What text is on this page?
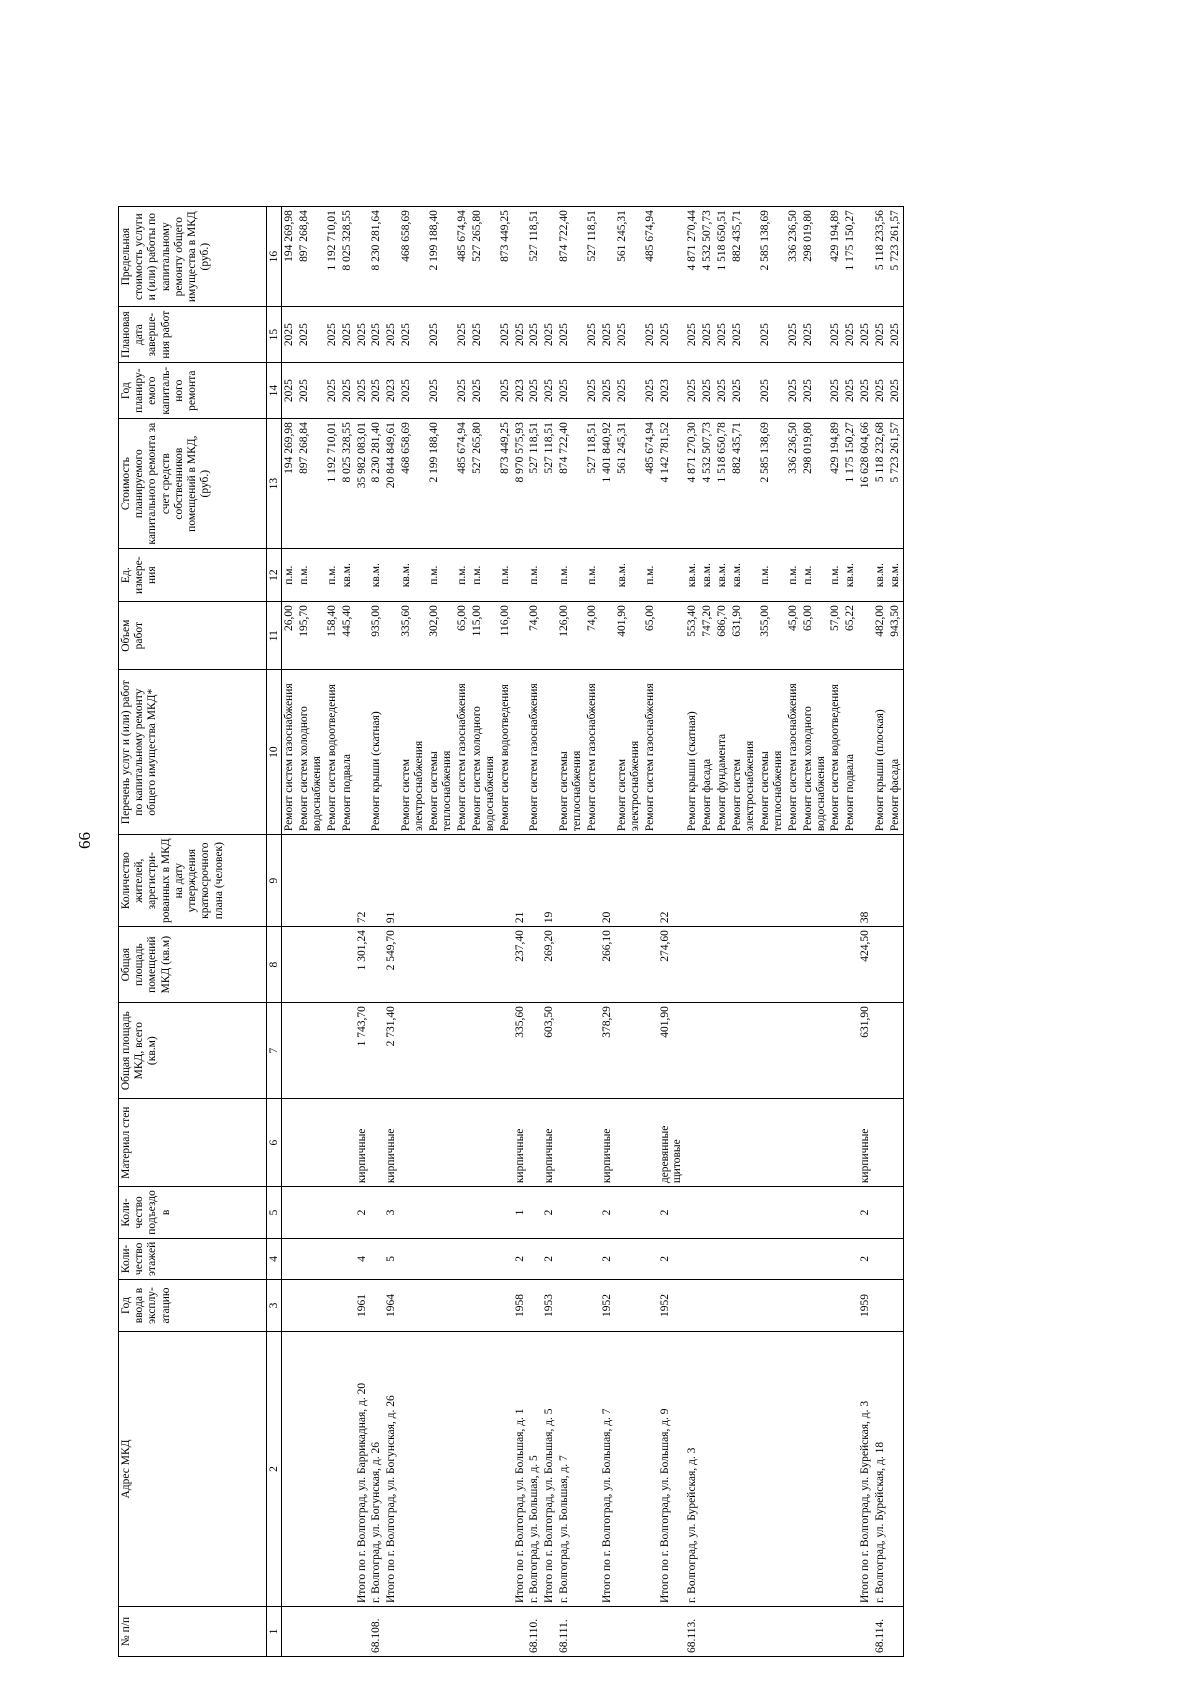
66
№ п/п	Адрес МКД	Год ввода в эксплу-атацию	Коли-чество этажей	Коли-чество подъездо в	Материал стен	Общая площадь МКД, всего (кв.м)	Общая площадь помещений МКД (кв.м)	Количество жителей, зарегистри-рованных в МКД на дату утверждения краткосрочного плана (человек)	Перечень услуг и (или) работ по капитальному ремонту общего имущества МКД*	Объем работ	Ед. измере-ния	Стоимость планируемого капитального ремонта за счет средств собственников помещений в МКД, (руб.)	Год планиру-емого капиталь-ного ремонта	Плановая дата заверше-ния работ	Предельная стоимость услуги и (или) работы по капитальному ремонту общего имущества в МКД (руб.)
1	2	3	4	5	6	7	8	9	10	11	12	13	14	15	16

									Ремонт систем газоснабжения	26,00	п.м.	194 269,98	2025	2025	194 269,98

									Ремонт систем холодного водоснабжения	195,70	п.м.	897 268,84	2025	2025	897 268,84

									Ремонт систем водоотведения	158,40	п.м.	1 192 710,01	2025	2025	1 192 710,01

									Ремонт подвала	445,40	кв.м.	8 025 328,55	2025	2025	8 025 328,55

	Итого по г. Волгоград, ул. Баррикадная, д. 20	1961	4	2	кирпичные	1 743,70	1 301,24	72				35 982 083,01	2025	2025	

68.108.	г. Волгоград, ул. Богунская, д. 26								Ремонт крыши (скатная)	935,00	кв.м.	8 230 281,40	2025	2025	8 230 281,64

	Итого по г. Волгоград, ул. Богунская, д. 26	1964	5	3	кирпичные	2 731,40	2 549,70	91				20 844 849,61	2023	2025	

									Ремонт систем электроснабжения	335,60	кв.м.	468 658,69	2025	2025	468 658,69

									Ремонт системы теплоснабжения	302,00	п.м.	2 199 188,40	2025	2025	2 199 188,40

									Ремонт систем газоснабжения	65,00	п.м.	485 674,94	2025	2025	485 674,94

									Ремонт систем холодного водоснабжения	115,00	п.м.	527 265,80	2025	2025	527 265,80

									Ремонт систем водоотведения	116,00	п.м.	873 449,25	2025	2025	873 449,25

	Итого по г. Волгоград, ул. Большая, д. 1	1958	2	1	кирпичные	335,60	237,40	21				8 970 575,93	2023	2025	

68.110.	г. Волгоград, ул. Большая, д. 5								Ремонт систем газоснабжения	74,00	п.м.	527 118,51	2025	2025	527 118,51

	Итого по г. Волгоград, ул. Большая, д. 5	1953	2	2	кирпичные	603,50	269,20	19				527 118,51	2025	2025	

68.111.	г. Волгоград, ул. Большая, д. 7								Ремонт системы теплоснабжения	126,00	п.м.	874 722,40	2025	2025	874 722,40

									Ремонт систем газоснабжения	74,00	п.м.	527 118,51	2025	2025	527 118,51

	Итого по г. Волгоград, ул. Большая, д. 7	1952	2	2	кирпичные	378,29	266,10	20				1 401 840,92	2025	2025	

									Ремонт систем электроснабжения	401,90	кв.м.	561 245,31	2025	2025	561 245,31

									Ремонт систем газоснабжения	65,00	п.м.	485 674,94	2025	2025	485 674,94

	Итого по г. Волгоград, ул. Большая, д. 9	1952	2	2	деревянные щитовые	401,90	274,60	22				4 142 781,52	2023	2025	

68.113.	г. Волгоград, ул. Бурейская, д. 3								Ремонт крыши (скатная)	553,40	кв.м.	4 871 270,30	2025	2025	4 871 270,44

									Ремонт фасада	747,20	кв.м.	4 532 507,73	2025	2025	4 532 507,73

									Ремонт фундамента	686,70	кв.м.	1 518 650,78	2025	2025	1 518 650,51

									Ремонт систем электроснабжения	631,90	кв.м.	882 435,71	2025	2025	882 435,71

									Ремонт системы теплоснабжения	355,00	п.м.	2 585 138,69	2025	2025	2 585 138,69

									Ремонт систем газоснабжения	45,00	п.м.	336 236,50	2025	2025	336 236,50

									Ремонт систем холодного водоснабжения	65,00	п.м.	298 019,80	2025	2025	298 019,80

									Ремонт систем водоотведения	57,00	п.м.	429 194,89	2025	2025	429 194,89

									Ремонт подвала	65,22	кв.м.	1 175 150,27	2025	2025	1 175 150,27

	Итого по г. Волгоград, ул. Бурейская, д. 3	1959	2	2	кирпичные	631,90	424,50	38				16 628 604,66	2025	2025	

68.114.	г. Волгоград, ул. Бурейская, д. 18								Ремонт крыши (плоская)	482,00	кв.м.	5 118 232,68	2025	2025	5 118 233,56

									Ремонт фасада	943,50	кв.м.	5 723 261,57	2025	2025	5 723 261,57
